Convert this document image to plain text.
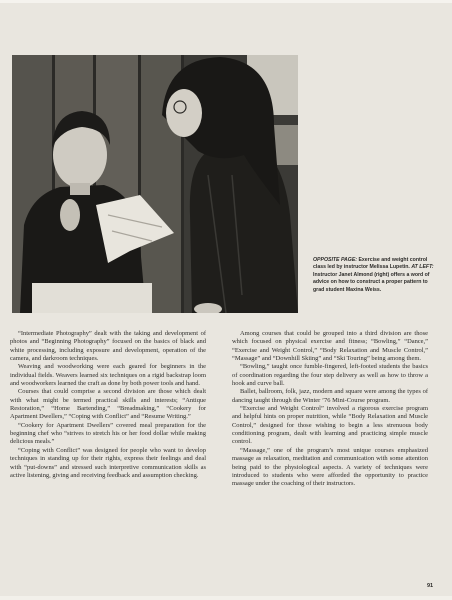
OPPOSITE PAGE: Exercise and weight control class led by instructor Melissa Lupetin. AT LEFT: Instructor Janet Almond (right) offers a word of advice on how to construct a proper pattern to grad student Maxina Weiss.

“Intermediate Photography” dealt with the taking and development of photos and “Beginning Photography” focused on the basics of black and white processing, including exposure and development, operation of the camera, and darkroom techniques.

Weaving and woodworking were each geared for beginners in the individual fields. Weavers learned six techniques on a rigid backstrap loom and woodworkers learned the craft as done by both power tools and hand.

Courses that could comprise a second division are those which dealt with what might be termed practical skills and interests; “Antique Restoration,” “Home Bartending,” “Breadmaking,” “Cookery for Apartment Dwellers,” “Coping with Conflict” and “Resume Writing.”

“Cookery for Apartment Dwellers” covered meal preparation for the beginning chef who “strives to stretch his or her food dollar while making delicious meals.”

“Coping with Conflict” was designed for people who want to develop techniques in standing up for their rights, express their feelings and deal with “put-downs” and stressed such interpretive communication skills as active listening, giving and receiving feedback and assumption checking.

Among courses that could be grouped into a third division are those which focused on physical exercise and fitness; “Bowling,” “Dance,” “Exercise and Weight Control,” “Body Relaxation and Muscle Control,” “Massage” and “Downhill Skiing” and “Ski Touring” being among them.

“Bowling,” taught once fumble-fingered, left-footed students the basics of coordination regarding the four step delivery as well as how to throw a hook and curve ball.

Ballet, ballroom, folk, jazz, modern and square were among the types of dancing taught through the Winter ’76 Mini-Course program.

“Exercise and Weight Control” involved a rigorous exercise program and helpful hints on proper nutrition, while “Body Relaxation and Muscle Control,” designed for those wishing to begin a less strenuous body conditioning program, dealt with learning and practicing simple muscle control.

“Massage,” one of the program’s most unique courses emphasized massage as relaxation, meditation and communication with some attention being paid to the physiological aspects. A variety of techniques were introduced to students who were afforded the opportunity to practice massage under the coaching of their instructors.

91
